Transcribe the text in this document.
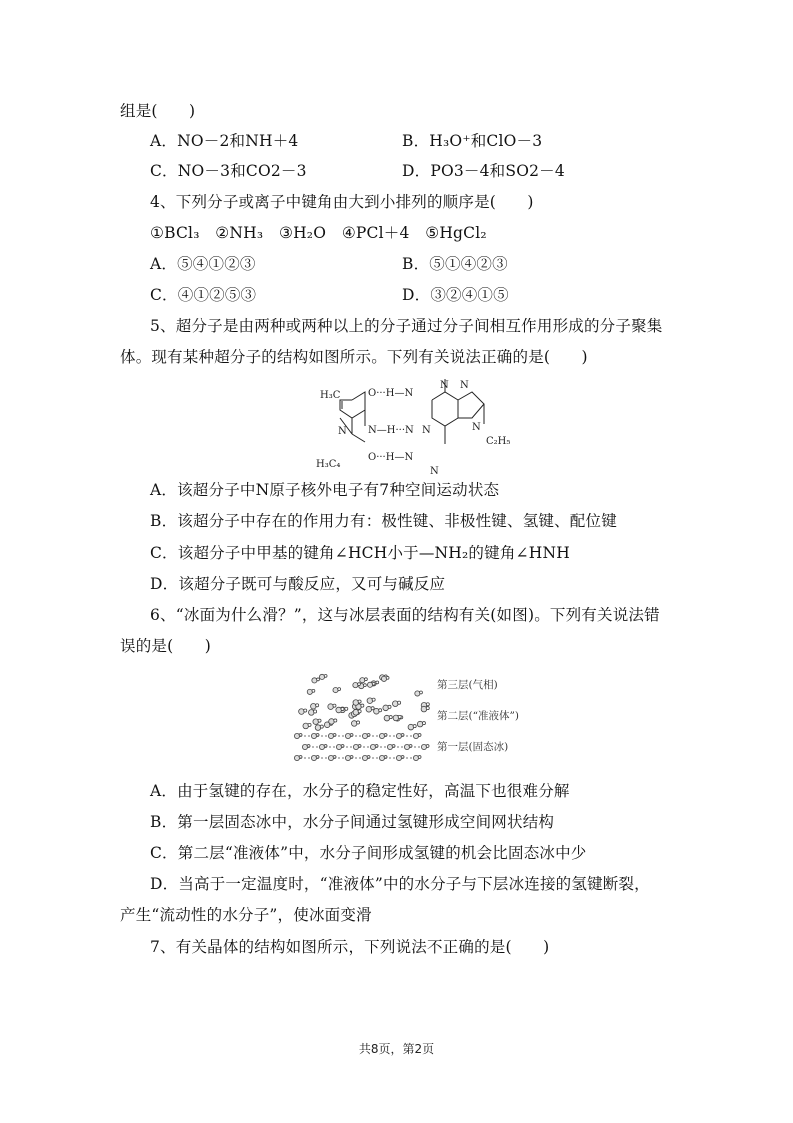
组是(　　)
A．NO－2和NH＋4	B．H₃O⁺和ClO－3
C．NO－3和CO2－3	D．PO3－4和SO2－4
4、下列分子或离子中键角由大到小排列的顺序是(　　)
①BCl₃　②NH₃　③H₂O　④PCl＋4　⑤HgCl₂
A．⑤④①②③	B．⑤①④②③
C．④①②⑤③	D．③②④①⑤
5、超分子是由两种或两种以上的分子通过分子间相互作用形成的分子聚集
体。现有某种超分子的结构如图所示。下列有关说法正确的是(　　)
H₃C
H₃C₄
C₂H₅
O···H—N
N—H···N
O···H—N
N	N
N N
N
N
A．该超分子中N原子核外电子有7种空间运动状态
B．该超分子中存在的作用力有：极性键、非极性键、氢键、配位键
C．该超分子中甲基的键角∠HCH小于—NH₂的键角∠HNH
D．该超分子既可与酸反应，又可与碱反应
6、“冰面为什么滑？”，这与冰层表面的结构有关(如图)。下列有关说法错
误的是(　　)
第三层(气相)
第二层(“准液体”)
第一层(固态冰)
A．由于氢键的存在，水分子的稳定性好，高温下也很难分解
B．第一层固态冰中，水分子间通过氢键形成空间网状结构
C．第二层“准液体”中，水分子间形成氢键的机会比固态冰中少
D．当高于一定温度时，“准液体”中的水分子与下层冰连接的氢键断裂，
产生“流动性的水分子”，使冰面变滑
7、有关晶体的结构如图所示，下列说法不正确的是(　　)
共8页，第2页
